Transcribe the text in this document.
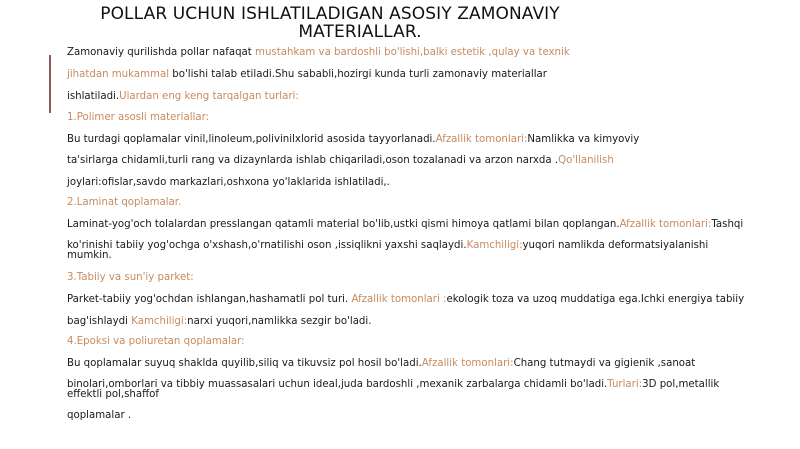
POLLAR UCHUN ISHLATILADIGAN ASOSIY ZAMONAVIY
MATERIALLAR.
Zamonaviy qurilishda pollar nafaqat mustahkam va bardoshli bo'lishi,balki estetik ,qulay va texnik
jihatdan mukammal bo'lishi talab etiladi.Shu sababli,hozirgi kunda turli zamonaviy materiallar
ishlatiladi.Ulardan eng keng tarqalgan turlari:
1.Polimer asosli materiallar:
Bu turdagi qoplamalar vinil,linoleum,polivinilxlorid asosida tayyorlanadi.Afzallik tomonlari:Namlikka va kimyoviy
ta'sirlarga chidamli,turli rang va dizaynlarda ishlab chiqariladi,oson tozalanadi va arzon narxda .Qo'llanilish
joylari:ofislar,savdo markazlari,oshxona yo'laklarida ishlatiladi,.
2.Laminat qoplamalar.
Laminat-yog'och tolalardan presslangan qatamli material bo'lib,ustki qismi himoya qatlami bilan qoplangan.Afzallik tomonlari:Tashqi
ko'rinishi tabiiy yog'ochga o'xshash,o'rnatilishi oson ,issiqlikni yaxshi saqlaydi.Kamchiligi:yuqori namlikda deformatsiyalanishi
mumkin.
3.Tabiiy va sun'iy parket:
Parket-tabiiy yog'ochdan ishlangan,hashamatli pol turi. Afzallik tomonlari :ekologik toza va uzoq muddatiga ega.Ichki energiya tabiiy
bag'ishlaydi Kamchiligi:narxi yuqori,namlikka sezgir bo'ladi.
4.Epoksi va poliuretan qoplamalar:
Bu qoplamalar suyuq shaklda quyilib,siliq va tikuvsiz pol hosil bo'ladi.Afzallik tomonlari:Chang tutmaydi va gigienik ,sanoat
binolari,omborlari va tibbiy muassasalari uchun ideal,juda bardoshli ,mexanik zarbalarga chidamli bo'ladi.Turlari:3D pol,metallik
effektli pol,shaffof
qoplamalar .
